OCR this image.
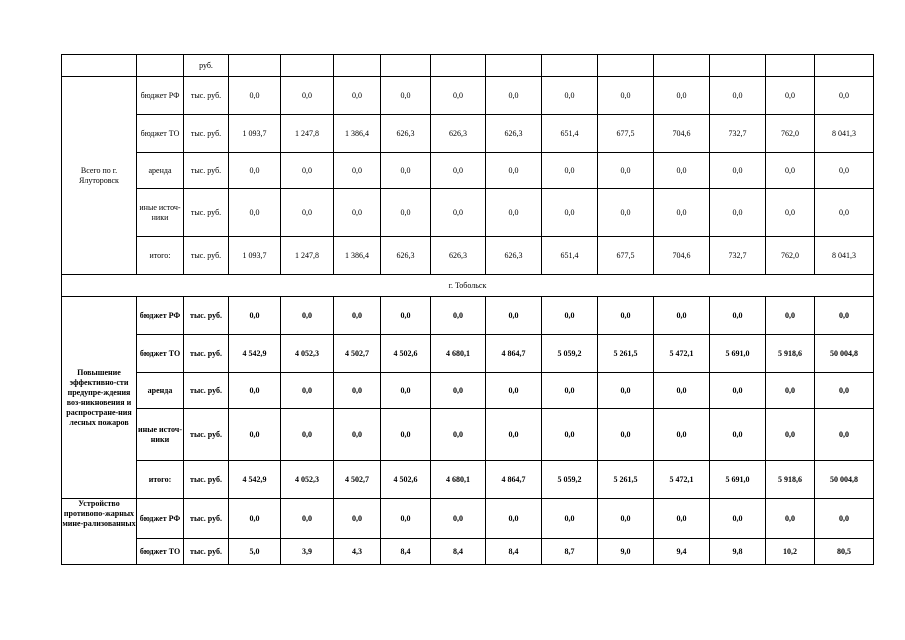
		руб.												
Всего по г. Ялуторовск	бюджет РФ	тыс. руб.	0,0	0,0	0,0	0,0	0,0	0,0	0,0	0,0	0,0	0,0	0,0	0,0
	бюджет ТО	тыс. руб.	1 093,7	1 247,8	1 386,4	626,3	626,3	626,3	651,4	677,5	704,6	732,7	762,0	8 041,3
	аренда	тыс. руб.	0,0	0,0	0,0	0,0	0,0	0,0	0,0	0,0	0,0	0,0	0,0	0,0
	иные источ-ники	тыс. руб.	0,0	0,0	0,0	0,0	0,0	0,0	0,0	0,0	0,0	0,0	0,0	0,0
	итого:	тыс. руб.	1 093,7	1 247,8	1 386,4	626,3	626,3	626,3	651,4	677,5	704,6	732,7	762,0	8 041,3
г. Тобольск														
Повышение эффективно-сти предупре-ждения воз-никновения и распростране-ния лесных пожаров	бюджет РФ	тыс. руб.	0,0	0,0	0,0	0,0	0,0	0,0	0,0	0,0	0,0	0,0	0,0	0,0
	бюджет ТО	тыс. руб.	4 542,9	4 052,3	4 502,7	4 502,6	4 680,1	4 864,7	5 059,2	5 261,5	5 472,1	5 691,0	5 918,6	50 004,8
	аренда	тыс. руб.	0,0	0,0	0,0	0,0	0,0	0,0	0,0	0,0	0,0	0,0	0,0	0,0
	иные источ-ники	тыс. руб.	0,0	0,0	0,0	0,0	0,0	0,0	0,0	0,0	0,0	0,0	0,0	0,0
	итого:	тыс. руб.	4 542,9	4 052,3	4 502,7	4 502,6	4 680,1	4 864,7	5 059,2	5 261,5	5 472,1	5 691,0	5 918,6	50 004,8
Устройство противопо-жарных мине-рализованных	бюджет РФ	тыс. руб.	0,0	0,0	0,0	0,0	0,0	0,0	0,0	0,0	0,0	0,0	0,0	0,0
	бюджет ТО	тыс. руб.	5,0	3,9	4,3	8,4	8,4	8,4	8,7	9,0	9,4	9,8	10,2	80,5
